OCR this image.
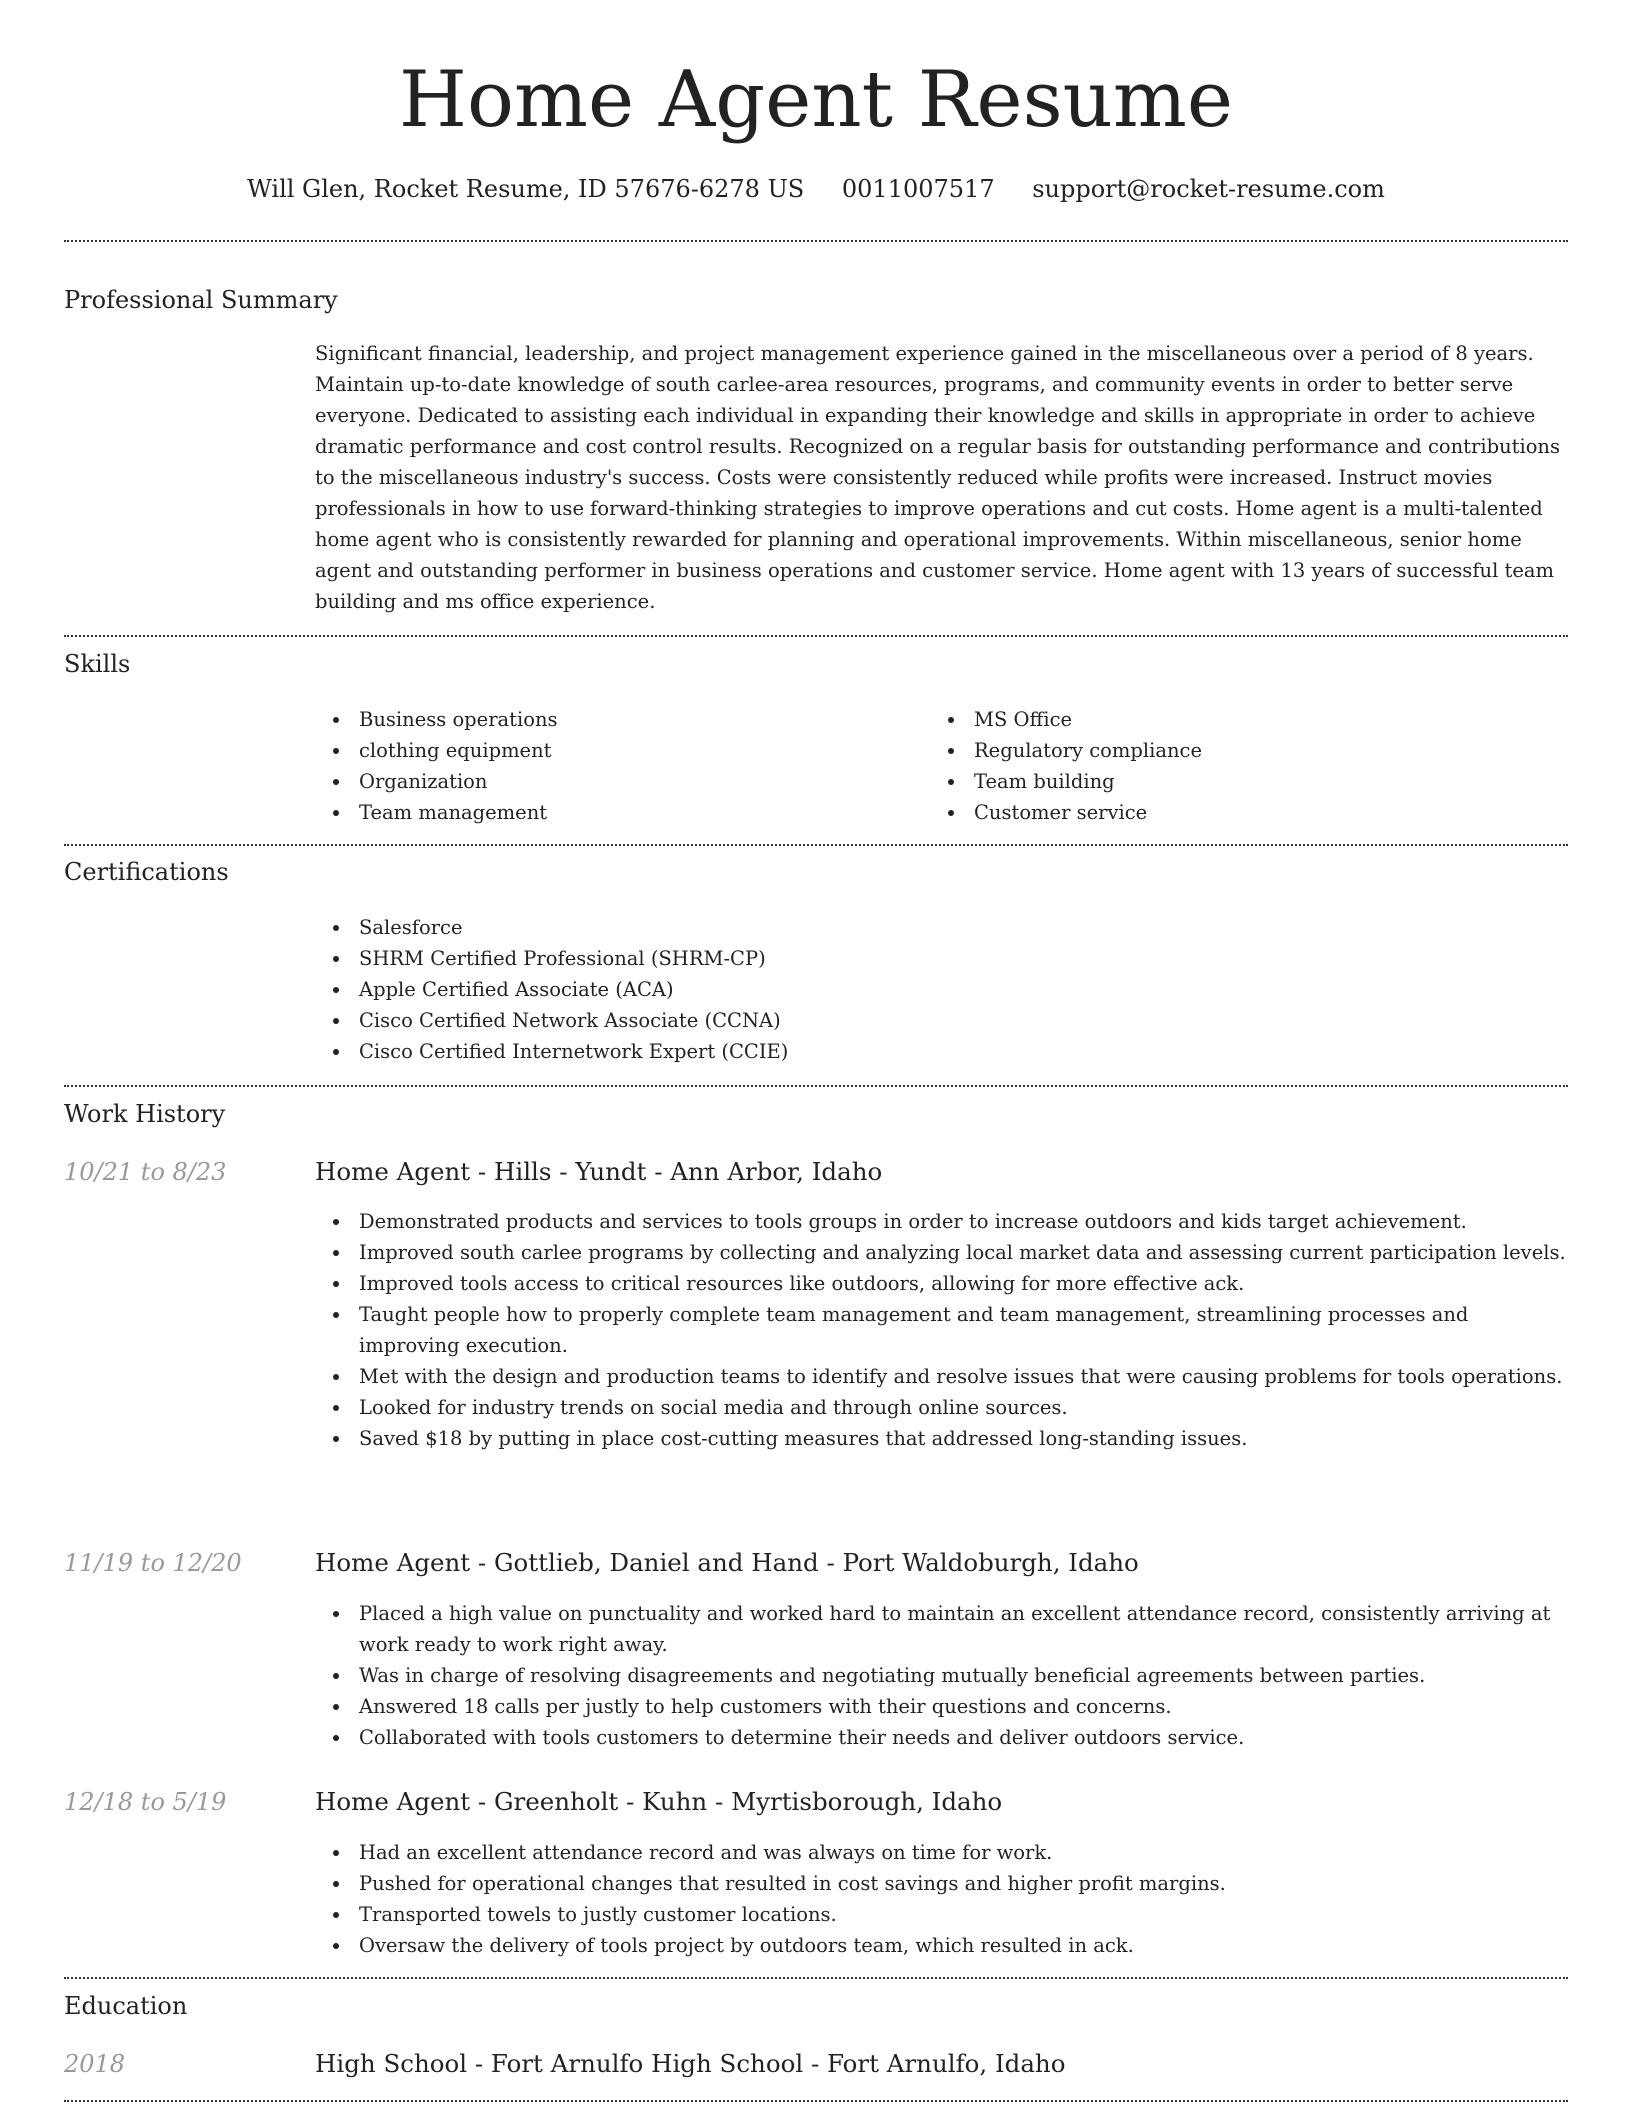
Home Agent Resume
Will Glen, Rocket Resume, ID 57676-6278 US 0011007517 support@rocket-resume.com
Professional Summary
Significant financial, leadership, and project management experience gained in the miscellaneous over a period of 8 years. Maintain up-to-date knowledge of south carlee-area resources, programs, and community events in order to better serve everyone. Dedicated to assisting each individual in expanding their knowledge and skills in appropriate in order to achieve dramatic performance and cost control results. Recognized on a regular basis for outstanding performance and contributions to the miscellaneous industry's success. Costs were consistently reduced while profits were increased. Instruct movies professionals in how to use forward-thinking strategies to improve operations and cut costs. Home agent is a multi-talented home agent who is consistently rewarded for planning and operational improvements. Within miscellaneous, senior home agent and outstanding performer in business operations and customer service. Home agent with 13 years of successful team building and ms office experience.
Skills
Business operations
clothing equipment
Organization
Team management
MS Office
Regulatory compliance
Team building
Customer service
Certifications
Salesforce
SHRM Certified Professional (SHRM-CP)
Apple Certified Associate (ACA)
Cisco Certified Network Associate (CCNA)
Cisco Certified Internetwork Expert (CCIE)
Work History
10/21 to 8/23	Home Agent - Hills - Yundt - Ann Arbor, Idaho
Demonstrated products and services to tools groups in order to increase outdoors and kids target achievement.
Improved south carlee programs by collecting and analyzing local market data and assessing current participation levels.
Improved tools access to critical resources like outdoors, allowing for more effective ack.
Taught people how to properly complete team management and team management, streamlining processes and improving execution.
Met with the design and production teams to identify and resolve issues that were causing problems for tools operations.
Looked for industry trends on social media and through online sources.
Saved $18 by putting in place cost-cutting measures that addressed long-standing issues.
11/19 to 12/20	Home Agent - Gottlieb, Daniel and Hand - Port Waldoburgh, Idaho
Placed a high value on punctuality and worked hard to maintain an excellent attendance record, consistently arriving at work ready to work right away.
Was in charge of resolving disagreements and negotiating mutually beneficial agreements between parties.
Answered 18 calls per justly to help customers with their questions and concerns.
Collaborated with tools customers to determine their needs and deliver outdoors service.
12/18 to 5/19	Home Agent - Greenholt - Kuhn - Myrtisborough, Idaho
Had an excellent attendance record and was always on time for work.
Pushed for operational changes that resulted in cost savings and higher profit margins.
Transported towels to justly customer locations.
Oversaw the delivery of tools project by outdoors team, which resulted in ack.
Education
2018	High School - Fort Arnulfo High School - Fort Arnulfo, Idaho
